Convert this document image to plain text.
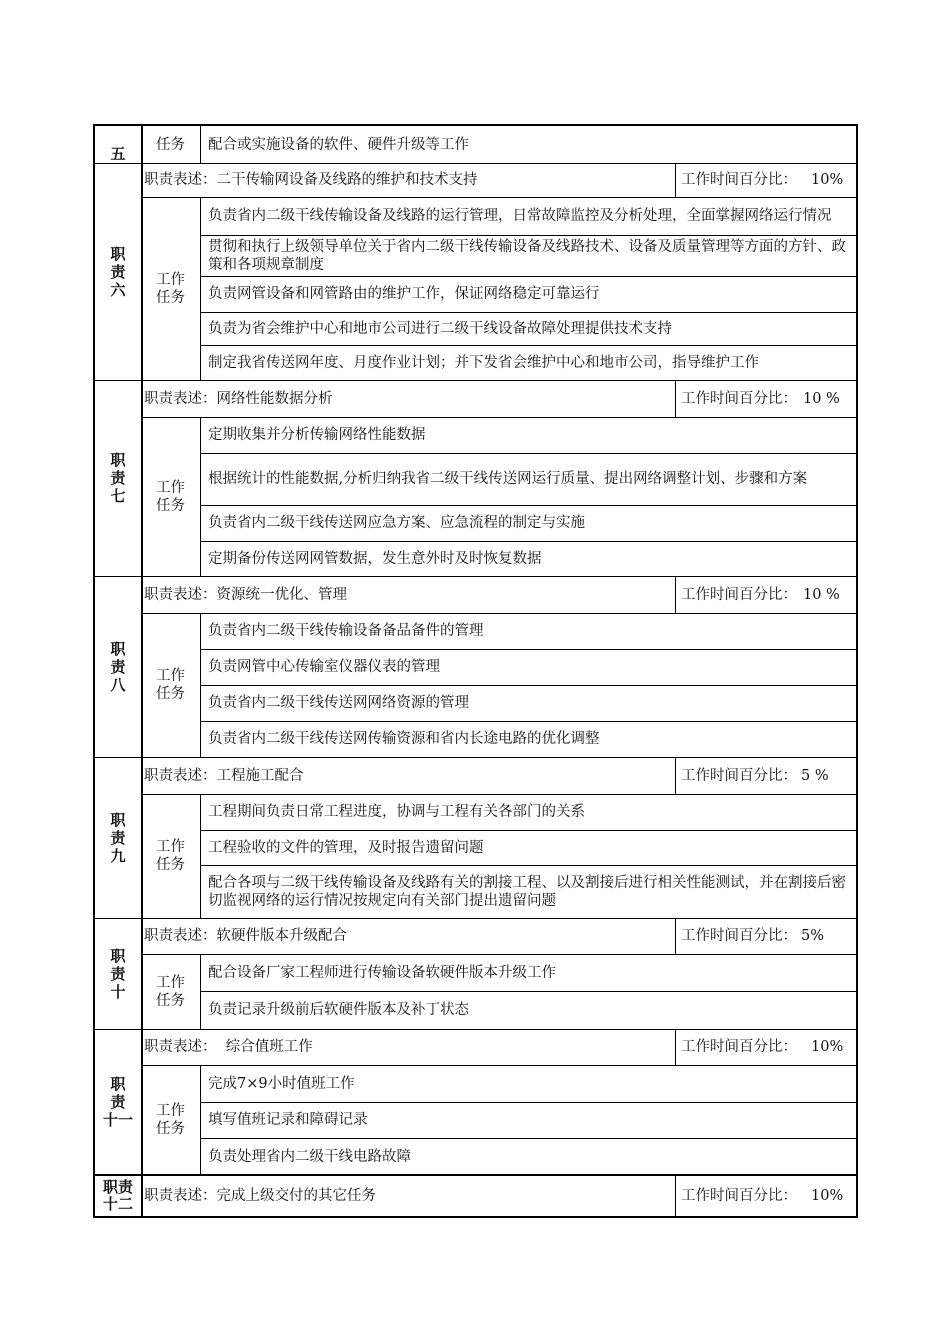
五
任务	配合或实施设备的软件、硬件升级等工作
职
责
六
职责表述：二干传输网设备及线路的维护和技术支持	工作时间百分比： 10%
工作
任务
负责省内二级干线传输设备及线路的运行管理，日常故障监控及分析处理，全面掌握网络运行情况
贯彻和执行上级领导单位关于省内二级干线传输设备及线路技术、设备及质量管理等方面的方针、政策和各项规章制度
负责网管设备和网管路由的维护工作，保证网络稳定可靠运行
负责为省会维护中心和地市公司进行二级干线设备故障处理提供技术支持
制定我省传送网年度、月度作业计划；并下发省会维护中心和地市公司，指导维护工作
职
责
七
职责表述：网络性能数据分析	工作时间百分比： 10 %
工作
任务
定期收集并分析传输网络性能数据
根据统计的性能数据,分析归纳我省二级干线传送网运行质量、提出网络调整计划、步骤和方案
负责省内二级干线传送网应急方案、应急流程的制定与实施
定期备份传送网网管数据，发生意外时及时恢复数据
职
责
八
职责表述：资源统一优化、管理	工作时间百分比： 10 %
工作
任务
负责省内二级干线传输设备备品备件的管理
负责网管中心传输室仪器仪表的管理
负责省内二级干线传送网网络资源的管理
负责省内二级干线传送网传输资源和省内长途电路的优化调整
职
责
九
职责表述：工程施工配合	工作时间百分比： 5 %
工作
任务
工程期间负责日常工程进度，协调与工程有关各部门的关系
工程验收的文件的管理，及时报告遗留问题
配合各项与二级干线传输设备及线路有关的割接工程、以及割接后进行相关性能测试，并在割接后密切监视网络的运行情况按规定向有关部门提出遗留问题
职
责
十
职责表述：软硬件版本升级配合	工作时间百分比： 5%
工作
任务
配合设备厂家工程师进行传输设备软硬件版本升级工作
负责记录升级前后软硬件版本及补丁状态
职
责
十一
职责表述：  综合值班工作	工作时间百分比： 10%
工作
任务
完成7×9小时值班工作
填写值班记录和障碍记录
负责处理省内二级干线电路故障
职责
十二 职责表述：完成上级交付的其它任务	工作时间百分比： 10%
